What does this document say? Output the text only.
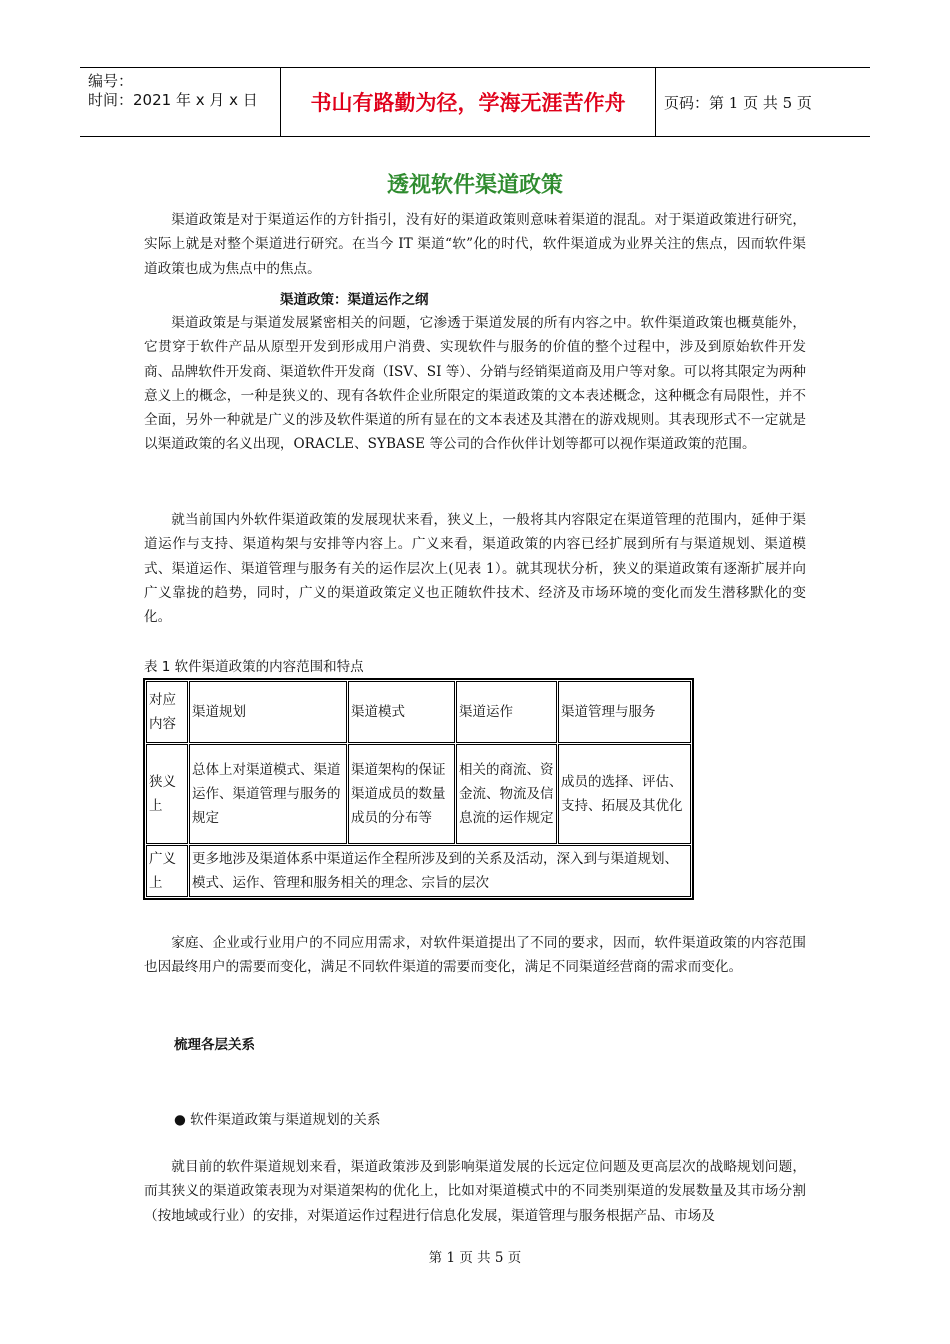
编号：
时间：2021 年 x 月 x 日	书山有路勤为径，学海无涯苦作舟	页码：第 1 页 共 5 页
透视软件渠道政策

渠道政策是对于渠道运作的方针指引，没有好的渠道政策则意味着渠道的混乱。对于渠道政策进行研究，实际上就是对整个渠道进行研究。在当今 IT 渠道“软”化的时代，软件渠道成为业界关注的焦点，因而软件渠道政策也成为焦点中的焦点。

渠道政策：渠道运作之纲

渠道政策是与渠道发展紧密相关的问题，它渗透于渠道发展的所有内容之中。软件渠道政策也概莫能外，它贯穿于软件产品从原型开发到形成用户消费、实现软件与服务的价值的整个过程中，涉及到原始软件开发商、品牌软件开发商、渠道软件开发商（ISV、SI 等）、分销与经销渠道商及用户等对象。可以将其限定为两种意义上的概念，一种是狭义的、现有各软件企业所限定的渠道政策的文本表述概念，这种概念有局限性，并不全面，另外一种就是广义的涉及软件渠道的所有显在的文本表述及其潜在的游戏规则。其表现形式不一定就是以渠道政策的名义出现，ORACLE、SYBASE 等公司的合作伙伴计划等都可以视作渠道政策的范围。

就当前国内外软件渠道政策的发展现状来看，狭义上，一般将其内容限定在渠道管理的范围内，延伸于渠道运作与支持、渠道构架与安排等内容上。广义来看，渠道政策的内容已经扩展到所有与渠道规划、渠道模式、渠道运作、渠道管理与服务有关的运作层次上(见表 1）。就其现状分析，狭义的渠道政策有逐渐扩展并向广义靠拢的趋势，同时，广义的渠道政策定义也正随软件技术、经济及市场环境的变化而发生潜移默化的变化。

表 1 软件渠道政策的内容范围和特点
对应内容	渠道规划	渠道模式	渠道运作	渠道管理与服务
狭义上	总体上对渠道模式、渠道运作、渠道管理与服务的规定	渠道架构的保证渠道成员的数量成员的分布等	相关的商流、资金流、物流及信息流的运作规定	成员的选择、评估、支持、拓展及其优化
广义上	更多地涉及渠道体系中渠道运作全程所涉及到的关系及活动，深入到与渠道规划、模式、运作、管理和服务相关的理念、宗旨的层次			

家庭、企业或行业用户的不同应用需求，对软件渠道提出了不同的要求，因而，软件渠道政策的内容范围也因最终用户的需要而变化，满足不同软件渠道的需要而变化，满足不同渠道经营商的需求而变化。

梳理各层关系
● 软件渠道政策与渠道规划的关系

就目前的软件渠道规划来看，渠道政策涉及到影响渠道发展的长远定位问题及更高层次的战略规划问题，而其狭义的渠道政策表现为对渠道架构的优化上，比如对渠道模式中的不同类别渠道的发展数量及其市场分割（按地域或行业）的安排，对渠道运作过程进行信息化发展，渠道管理与服务根据产品、市场及

第 1 页 共 5 页
